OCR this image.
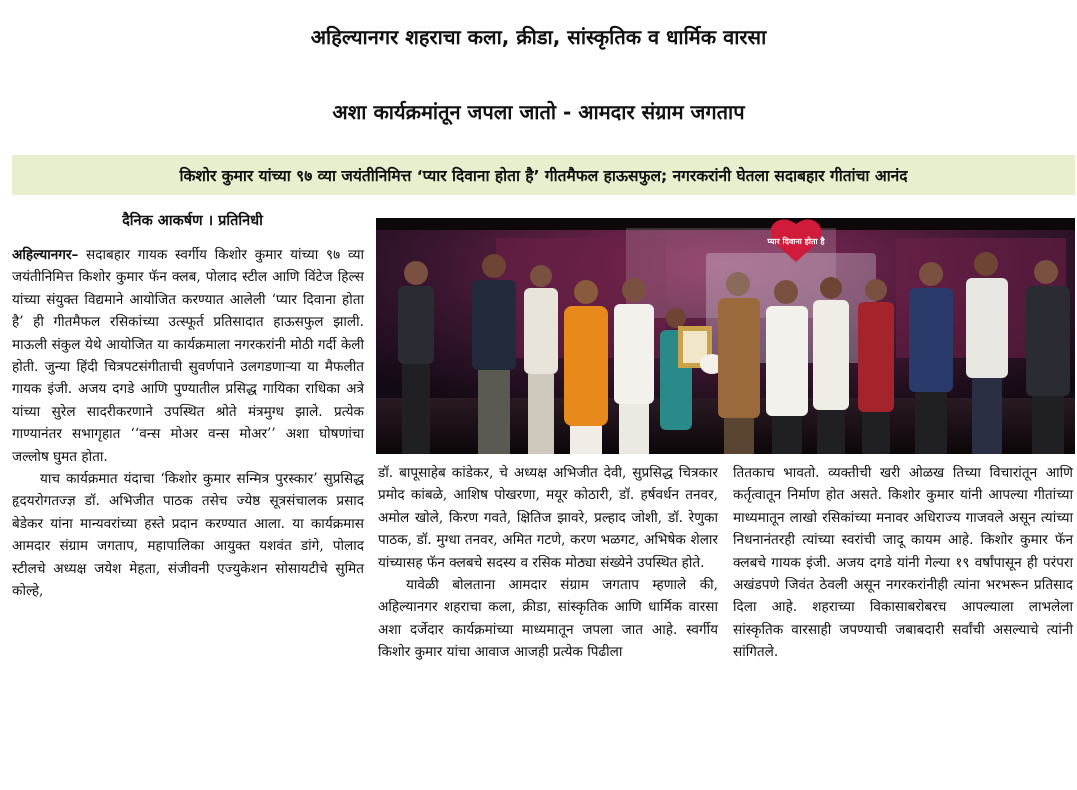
अहिल्यानगर शहराचा कला, क्रीडा, सांस्कृतिक व धार्मिक वारसा
अशा कार्यक्रमांतून जपला जातो - आमदार संग्राम जगताप
किशोर कुमार यांच्या ९७ व्या जयंतीनिमित्त ‘प्यार दिवाना होता है’ गीतमैफल हाऊसफुल; नगरकरांनी घेतला सदाबहार गीतांचा आनंद
दैनिक आकर्षण । प्रतिनिधी

अहिल्यानगर– सदाबहार गायक स्वर्गीय किशोर कुमार यांच्या ९७ व्या जयंतीनिमित्त किशोर कुमार फॅन क्लब, पोलाद स्टील आणि विंटेज हिल्स यांच्या संयुक्त विद्यमाने आयोजित करण्यात आलेली ‘प्यार दिवाना होता है’ ही गीतमैफल रसिकांच्या उत्स्फूर्त प्रतिसादात हाऊसफुल झाली. माऊली संकुल येथे आयोजित या कार्यक्रमाला नगरकरांनी मोठी गर्दी केली होती. जुन्या हिंदी चित्रपटसंगीताची सुवर्णपाने उलगडणाऱ्या या मैफलीत गायक इंजी. अजय दगडे आणि पुण्यातील प्रसिद्ध गायिका राधिका अत्रे यांच्या सुरेल सादरीकरणाने उपस्थित श्रोते मंत्रमुग्ध झाले. प्रत्येक गाण्यानंतर सभागृहात ‘‘वन्स मोअर वन्स मोअर’’ अशा घोषणांचा जल्लोष घुमत होता.

याच कार्यक्रमात यंदाचा ‘किशोर कुमार सन्मित्र पुरस्कार’ सुप्रसिद्ध हृदयरोगतज्ज्ञ डॉ. अभिजीत पाठक तसेच ज्येष्ठ सूत्रसंचालक प्रसाद बेडेकर यांना मान्यवरांच्या हस्ते प्रदान करण्यात आला. या कार्यक्रमास आमदार संग्राम जगताप, महापालिका आयुक्त यशवंत डांगे, पोलाद स्टीलचे अध्यक्ष जयेश मेहता, संजीवनी एज्युकेशन सोसायटीचे सुमित कोल्हे,

प्यार दिवाना होता है

डॉ. बापूसाहेब कांडेकर, चे अध्यक्ष अभिजीत देवी, सुप्रसिद्ध चित्रकार प्रमोद कांबळे, आशिष पोखरणा, मयूर कोठारी, डॉ. हर्षवर्धन तनवर, अमोल खोले, किरण गवते, क्षितिज झावरे, प्रल्हाद जोशी, डॉ. रेणुका पाठक, डॉ. मुग्धा तनवर, अमित गटणे, करण भळगट, अभिषेक शेलार यांच्यासह फॅन क्लबचे सदस्य व रसिक मोठ्या संख्येने उपस्थित होते.

यावेळी बोलताना आमदार संग्राम जगताप म्हणाले की, अहिल्यानगर शहराचा कला, क्रीडा, सांस्कृतिक आणि धार्मिक वारसा अशा दर्जेदार कार्यक्रमांच्या माध्यमातून जपला जात आहे. स्वर्गीय किशोर कुमार यांचा आवाज आजही प्रत्येक पिढीला

तितकाच भावतो. व्यक्तीची खरी ओळख तिच्या विचारांतून आणि कर्तृत्वातून निर्माण होत असते. किशोर कुमार यांनी आपल्या गीतांच्या माध्यमातून लाखो रसिकांच्या मनावर अधिराज्य गाजवले असून त्यांच्या निधनानंतरही त्यांच्या स्वरांची जादू कायम आहे. किशोर कुमार फॅन क्लबचे गायक इंजी. अजय दगडे यांनी गेल्या १९ वर्षांपासून ही परंपरा अखंडपणे जिवंत ठेवली असून नगरकरांनीही त्यांना भरभरून प्रतिसाद दिला आहे. शहराच्या विकासाबरोबरच आपल्याला लाभलेला सांस्कृतिक वारसाही जपण्याची जबाबदारी सर्वांची असल्याचे त्यांनी सांगितले.
